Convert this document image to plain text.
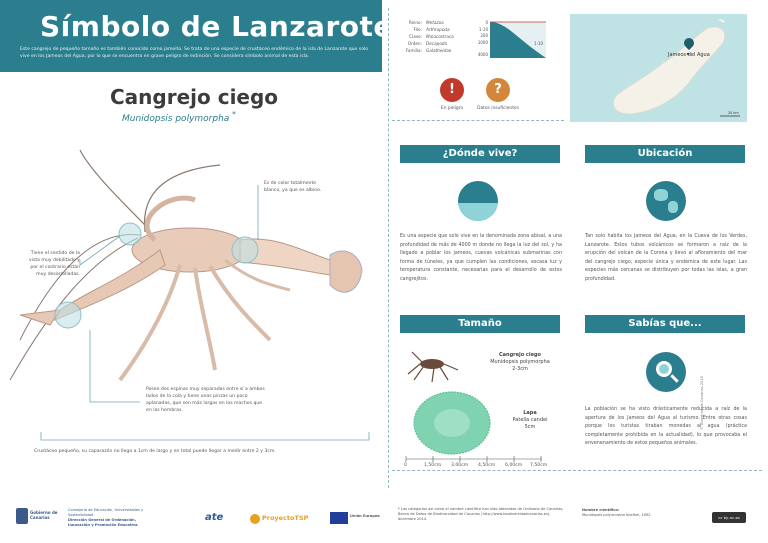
Símbolo de Lanzarote
Este cangrejo de pequeño tamaño es también conocido como jameito. Se trata de una especie de crustáceo endémico de la isla de Lanzarote que solo vive en los Jameos del Agua, por lo que se encuentra en grave peligro de extinción. Se considera símbolo animal de esta isla.
Cangrejo ciego
Munidopsis polymorpha *
Es de color totalmente blanco, ya que es albino.
Tiene el sentido de la vista muy debilitado y por el contrario están muy desarrolladas.
Posee dos espinas muy separadas entre sí a ambos lados de la cola y tiene unas pinzas un poco aplanadas, que son más largas en los machos que en las hembras.
Crustáceo pequeño, su caparazón no llega a 1cm de largo y en total puede llegar a medir entre 2 y 3cm.
Reino: Metazoa
Filo: Arthropoda
Clase: Malacostraca
Orden: Decapoda
Familia: Galatheidae
0
1-10
200
1000
4000
1-10
!
En peligro
?
Datos insuficientes
Jameos del Agua
20 km
¿Dónde vive?
Es una especie que solo vive en la denominada zona abisal, a una profundidad de más de 4000 m donde no llega la luz del sol, y ha llegado a poblar los jameos, cuevas volcánicas submarinas con forma de túneles, ya que cumplen las condiciones, escasa luz y temperatura constante, necesarias para el desarrollo de estos cangrejitos.
Ubicación
Tan solo habita los Jameos del Agua, en la Cueva de los Verdes, Lanzarote. Estos tubos volcánicos se formaron a raíz de la erupción del volcán de la Corona y llevó al afloramiento del mar del cangrejo ciego, especie única y endémica de este lugar. Las especies más cercanas se distribuyen por todas las islas, a gran profundidad.
Tamaño
Cangrejo ciego
Munidopsis polymorpha
2-3cm
Lapa
Patella candei
5cm
0	1,50cm 3,00cm 4,50cm 6,00cm 7,50cm
Sabías que...
La población se ha visto drásticamente reducida a raíz de la apertura de los Jameos del Agua al turismo. Entre otras cosas porque los turistas tiraban monedas al agua (práctica completamente prohibida en la actualidad), lo que provocaba el envenenamiento de estos pequeños animales.
© Gobierno de Canarias 2015
Gobierno de Canarias
Consejería de Educación, Universidades y Sostenibilidad
Dirección General de Ordenación, Innovación y Promoción Educativa
ate	ProyectoTSP	Unión Europea
* Las categorías así como el nombre científico han sido obtenidas de Ordinario de Canarias, Banco de Datos de Biodiversidad de Canarias (http://www.biodiversidadcanarias.es), diciembre 2014.
Nombre científico:
Munidopsis polymorpha Koelbel, 1892	cc by-nc-sa
